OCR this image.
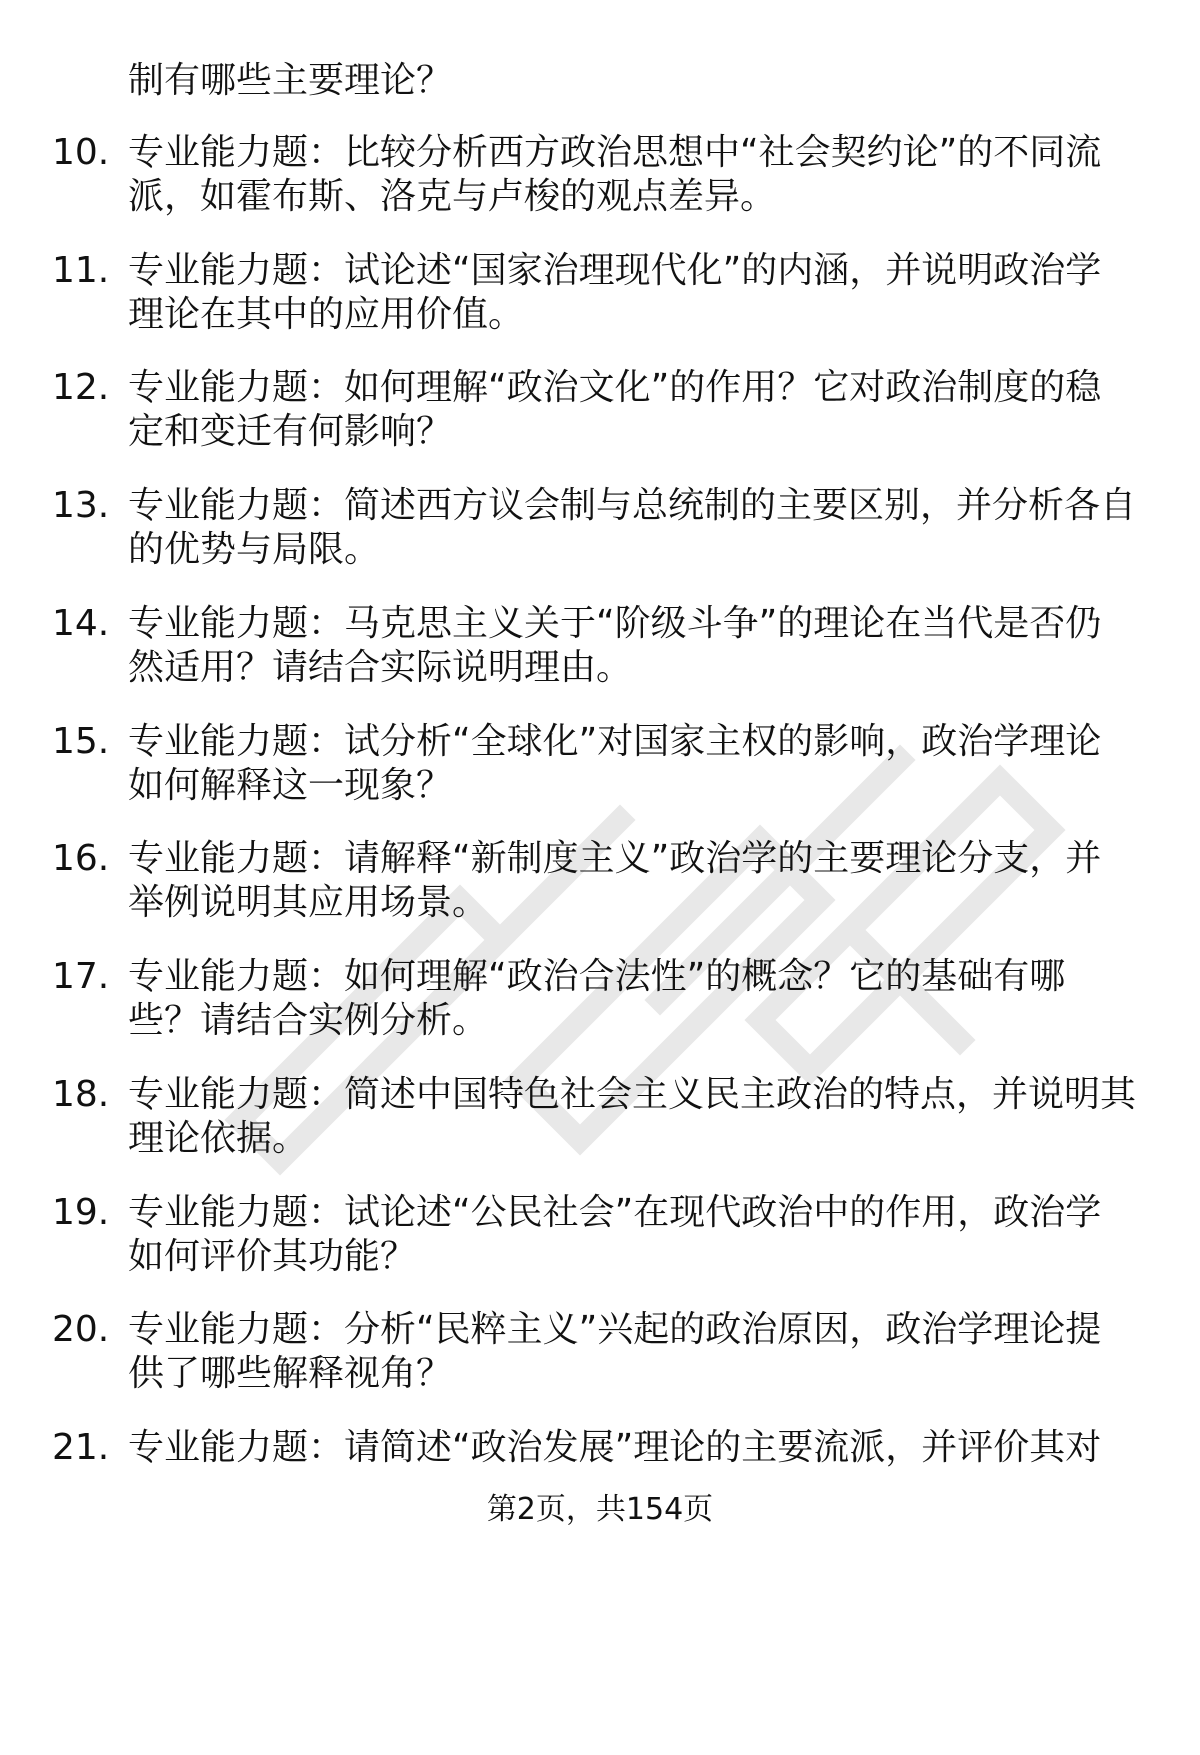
制有哪些主要理论？
10. 专业能力题：比较分析西方政治思想中“社会契约论”的不同流
派，如霍布斯、洛克与卢梭的观点差异。
11. 专业能力题：试论述“国家治理现代化”的内涵，并说明政治学
理论在其中的应用价值。
12. 专业能力题：如何理解“政治文化”的作用？它对政治制度的稳
定和变迁有何影响？
13. 专业能力题：简述西方议会制与总统制的主要区别，并分析各自
的优势与局限。
14. 专业能力题：马克思主义关于“阶级斗争”的理论在当代是否仍
然适用？请结合实际说明理由。
15. 专业能力题：试分析“全球化”对国家主权的影响，政治学理论
如何解释这一现象？
16. 专业能力题：请解释“新制度主义”政治学的主要理论分支，并
举例说明其应用场景。
17. 专业能力题：如何理解“政治合法性”的概念？它的基础有哪
些？请结合实例分析。
18. 专业能力题：简述中国特色社会主义民主政治的特点，并说明其
理论依据。
19. 专业能力题：试论述“公民社会”在现代政治中的作用，政治学
如何评价其功能？
20. 专业能力题：分析“民粹主义”兴起的政治原因，政治学理论提
供了哪些解释视角？
21. 专业能力题：请简述“政治发展”理论的主要流派，并评价其对
第2页，共154页
